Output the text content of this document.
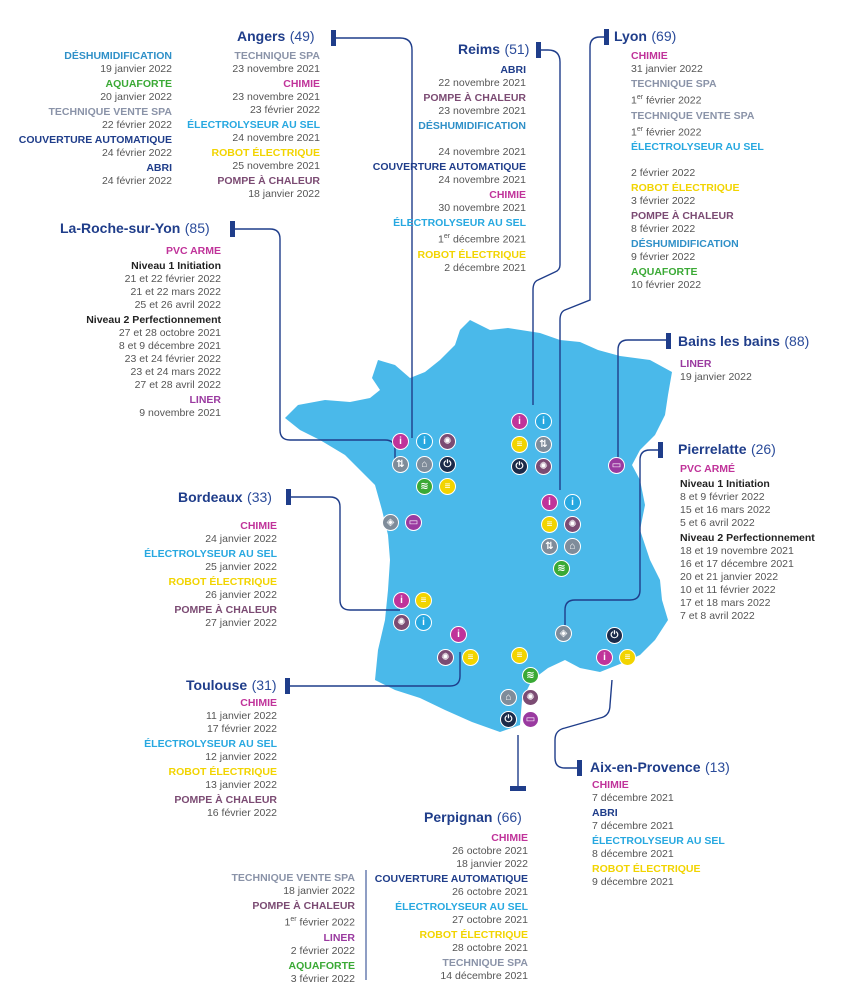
Angers (49)
Reims (51)
Lyon (69)
La-Roche-sur-Yon (85)
Bains les bains (88)
Pierrelatte (26)
Bordeaux (33)
Toulouse (31)
Aix-en-Provence (13)
Perpignan (66)
DÉSHUMIDIFICATION
19 janvier 2022
AQUAFORTE
20 janvier 2022
TECHNIQUE VENTE SPA
22 février 2022
COUVERTURE AUTOMATIQUE
24 février 2022
ABRI
24 février 2022
TECHNIQUE SPA
23 novembre 2021
CHIMIE
23 novembre 2021
23 février 2022
ÉLECTROLYSEUR AU SEL
24 novembre 2021
ROBOT ÉLECTRIQUE
25 novembre 2021
POMPE À CHALEUR
18 janvier 2022
ABRI
22 novembre 2021
POMPE À CHALEUR
23 novembre 2021
DÉSHUMIDIFICATION

24 novembre 2021
COUVERTURE AUTOMATIQUE
24 novembre 2021
CHIMIE
30 novembre 2021
ÉLECTROLYSEUR AU SEL
1er décembre 2021
ROBOT ÉLECTRIQUE
2 décembre 2021
CHIMIE
31 janvier 2022
TECHNIQUE SPA
1er février 2022
TECHNIQUE VENTE SPA
1er février 2022
ÉLECTROLYSEUR AU SEL

2 février 2022
ROBOT ÉLECTRIQUE
3 février 2022
POMPE À CHALEUR
8 février 2022
DÉSHUMIDIFICATION
9 février 2022
AQUAFORTE
10 février 2022
PVC ARME
Niveau 1 Initiation
21 et 22 février 2022
21 et 22 mars 2022
25 et 26 avril 2022
Niveau 2 Perfectionnement
27 et 28 octobre 2021
8 et 9 décembre 2021
23 et 24 février 2022
23 et 24 mars 2022
27 et 28 avril 2022
LINER
9 novembre 2021
LINER
19 janvier 2022
PVC ARMÉ
Niveau 1 Initiation
8 et 9 février 2022
15 et 16 mars 2022
5 et 6 avril 2022
Niveau 2 Perfectionnement
18 et 19 novembre 2021
16 et 17 décembre 2021
20 et 21 janvier 2022
10 et 11 février 2022
17 et 18 mars 2022
7 et 8 avril 2022
CHIMIE
24 janvier 2022
ÉLECTROLYSEUR AU SEL
25 janvier 2022
ROBOT ÉLECTRIQUE
26 janvier 2022
POMPE À CHALEUR
27 janvier 2022
CHIMIE
11 janvier 2022
17 février 2022
ÉLECTROLYSEUR AU SEL
12 janvier 2022
ROBOT ÉLECTRIQUE
13 janvier 2022
POMPE À CHALEUR
16 février 2022
CHIMIE
7 décembre 2021
ABRI
7 décembre 2021
ÉLECTROLYSEUR AU SEL
8 décembre 2021
ROBOT ÉLECTRIQUE
9 décembre 2021
TECHNIQUE VENTE SPA
18 janvier 2022
POMPE À CHALEUR
1er février 2022
LINER
2 février 2022
AQUAFORTE
3 février 2022
CHIMIE
26 octobre 2021
18 janvier 2022
COUVERTURE AUTOMATIQUE
26 octobre 2021
ÉLECTROLYSEUR AU SEL
27 octobre 2021
ROBOT ÉLECTRIQUE
28 octobre 2021
TECHNIQUE SPA
14 décembre 2021
i	i	✺
⇅	⌂	⏻
≋	≡
i	i
≡	⇅
⏻	✺
i	i
≡	✺
⇅	⌂
≋
◈	▭
▭
i	≡
✺	i
◈
i
✺	≡	≡
≋
⌂	✺
⏻	▭
⏻
i	≡
